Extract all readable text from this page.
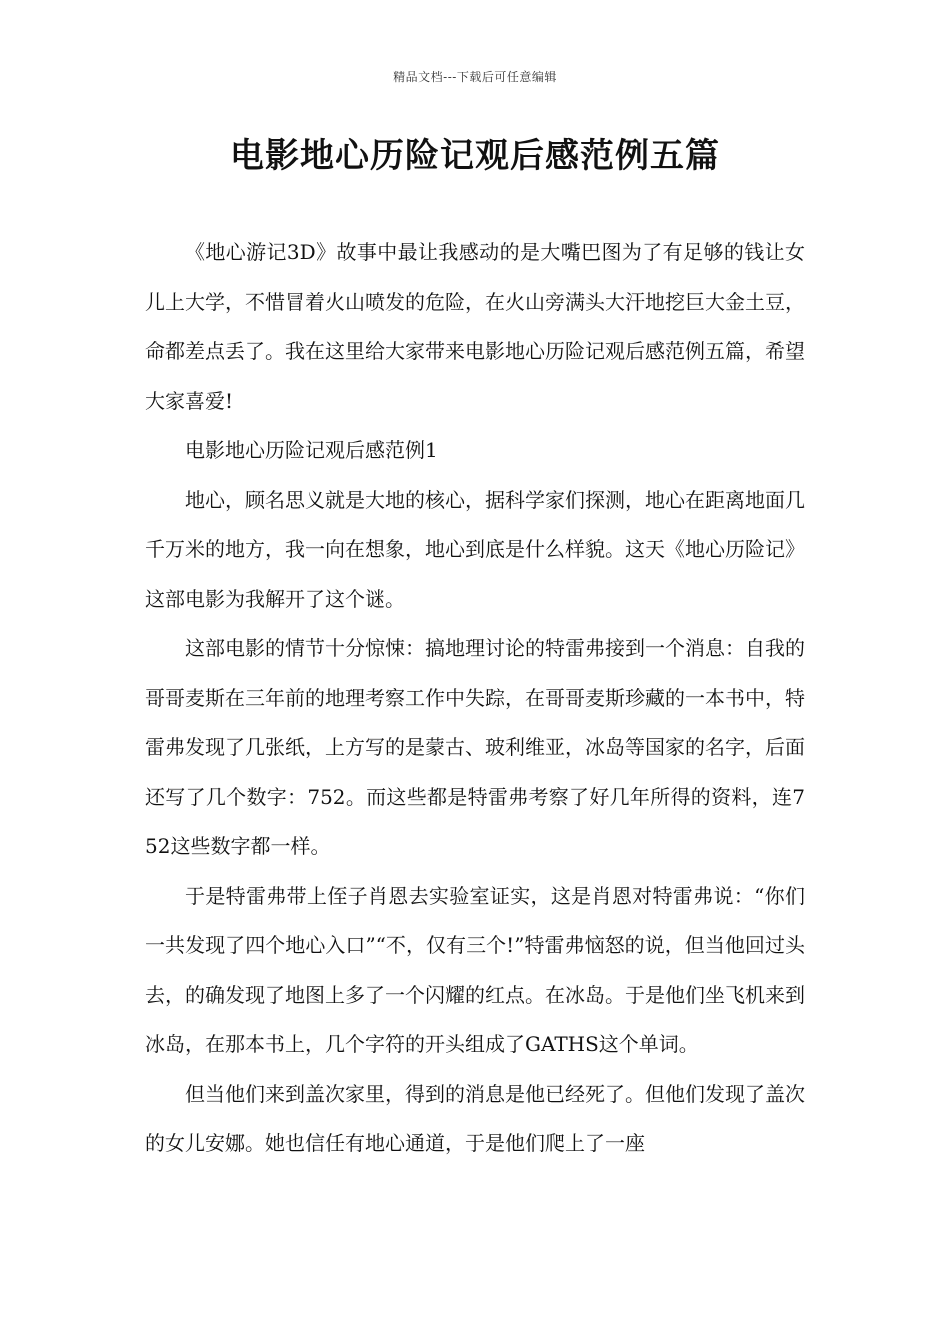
精品文档---下载后可任意编辑
电影地心历险记观后感范例五篇

《地心游记3D》故事中最让我感动的是大嘴巴图为了有足够的钱让女儿上大学，不惜冒着火山喷发的危险，在火山旁满头大汗地挖巨大金土豆，命都差点丢了。我在这里给大家带来电影地心历险记观后感范例五篇，希望大家喜爱!

电影地心历险记观后感范例1

地心，顾名思义就是大地的核心，据科学家们探测，地心在距离地面几千万米的地方，我一向在想象，地心到底是什么样貌。这天《地心历险记》这部电影为我解开了这个谜。

这部电影的情节十分惊悚：搞地理讨论的特雷弗接到一个消息：自我的哥哥麦斯在三年前的地理考察工作中失踪，在哥哥麦斯珍藏的一本书中，特雷弗发现了几张纸，上方写的是蒙古、玻利维亚，冰岛等国家的名字，后面还写了几个数字：752。而这些都是特雷弗考察了好几年所得的资料，连752这些数字都一样。

于是特雷弗带上侄子肖恩去实验室证实，这是肖恩对特雷弗说：“你们一共发现了四个地心入口”“不，仅有三个!”特雷弗恼怒的说，但当他回过头去，的确发现了地图上多了一个闪耀的红点。在冰岛。于是他们坐飞机来到冰岛，在那本书上，几个字符的开头组成了GATHS这个单词。

但当他们来到盖次家里，得到的消息是他已经死了。但他们发现了盖次的女儿安娜。她也信任有地心通道，于是他们爬上了一座
